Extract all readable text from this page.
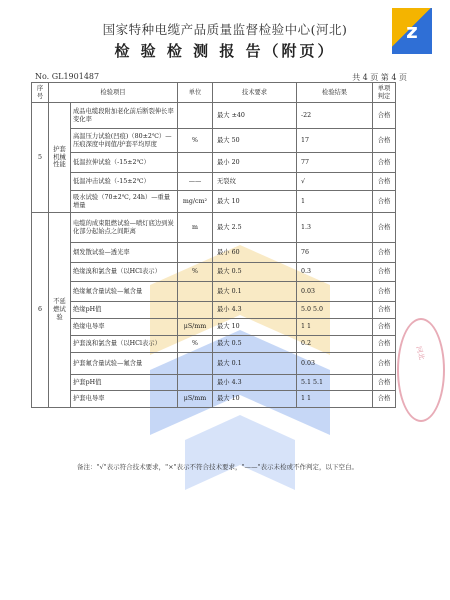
z
国家特种电缆产品质量监督检验中心(河北)
检 验 检 测 报 告（附页）
No. GL1901487	共 4 页 第 4 页
河北
序号	检验项目		单位	技术要求	检验结果	单项判定
5	护套机械性能	成品电缆段附加老化前后断裂伸长率变化率		最大 ±40	-22	合格
		高温压力试验(凹痕)（80±2℃）—压痕深度中间值/护套平均厚度	%	最大 50	17	合格
		低温拉伸试验（-15±2℃）		最小 20	77	合格
		低温冲击试验（-15±2℃）	——	无裂纹	√	合格
		吸水试验（70±2℃, 24h）—重量增量	mg/cm²	最大 10	1	合格
6	不延燃试验	电缆的成束阻燃试验—喷灯底边到炭化部分起始点之间距离	m	最大 2.5	1.3	合格
		烟发散试验—透光率		最小 60	76	合格
		绝缘溴和氯含量（以HCl表示）	%	最大 0.5	0.3	合格
		绝缘氟含量试验—氟含量		最大 0.1	0.03	合格
		绝缘pH值		最小 4.3	5.0 5.0	合格
		绝缘电导率	μS/mm	最大 10	1 1	合格
		护套溴和氯含量（以HCl表示）	%	最大 0.5	0.2	合格
		护套氟含量试验—氟含量		最大 0.1	0.03	合格
		护套pH值		最小 4.3	5.1 5.1	合格
		护套电导率	μS/mm	最大 10	1 1	合格
备注："√"表示符合技术要求，"×"表示不符合技术要求，"——"表示未检或不作判定，以下空白。
